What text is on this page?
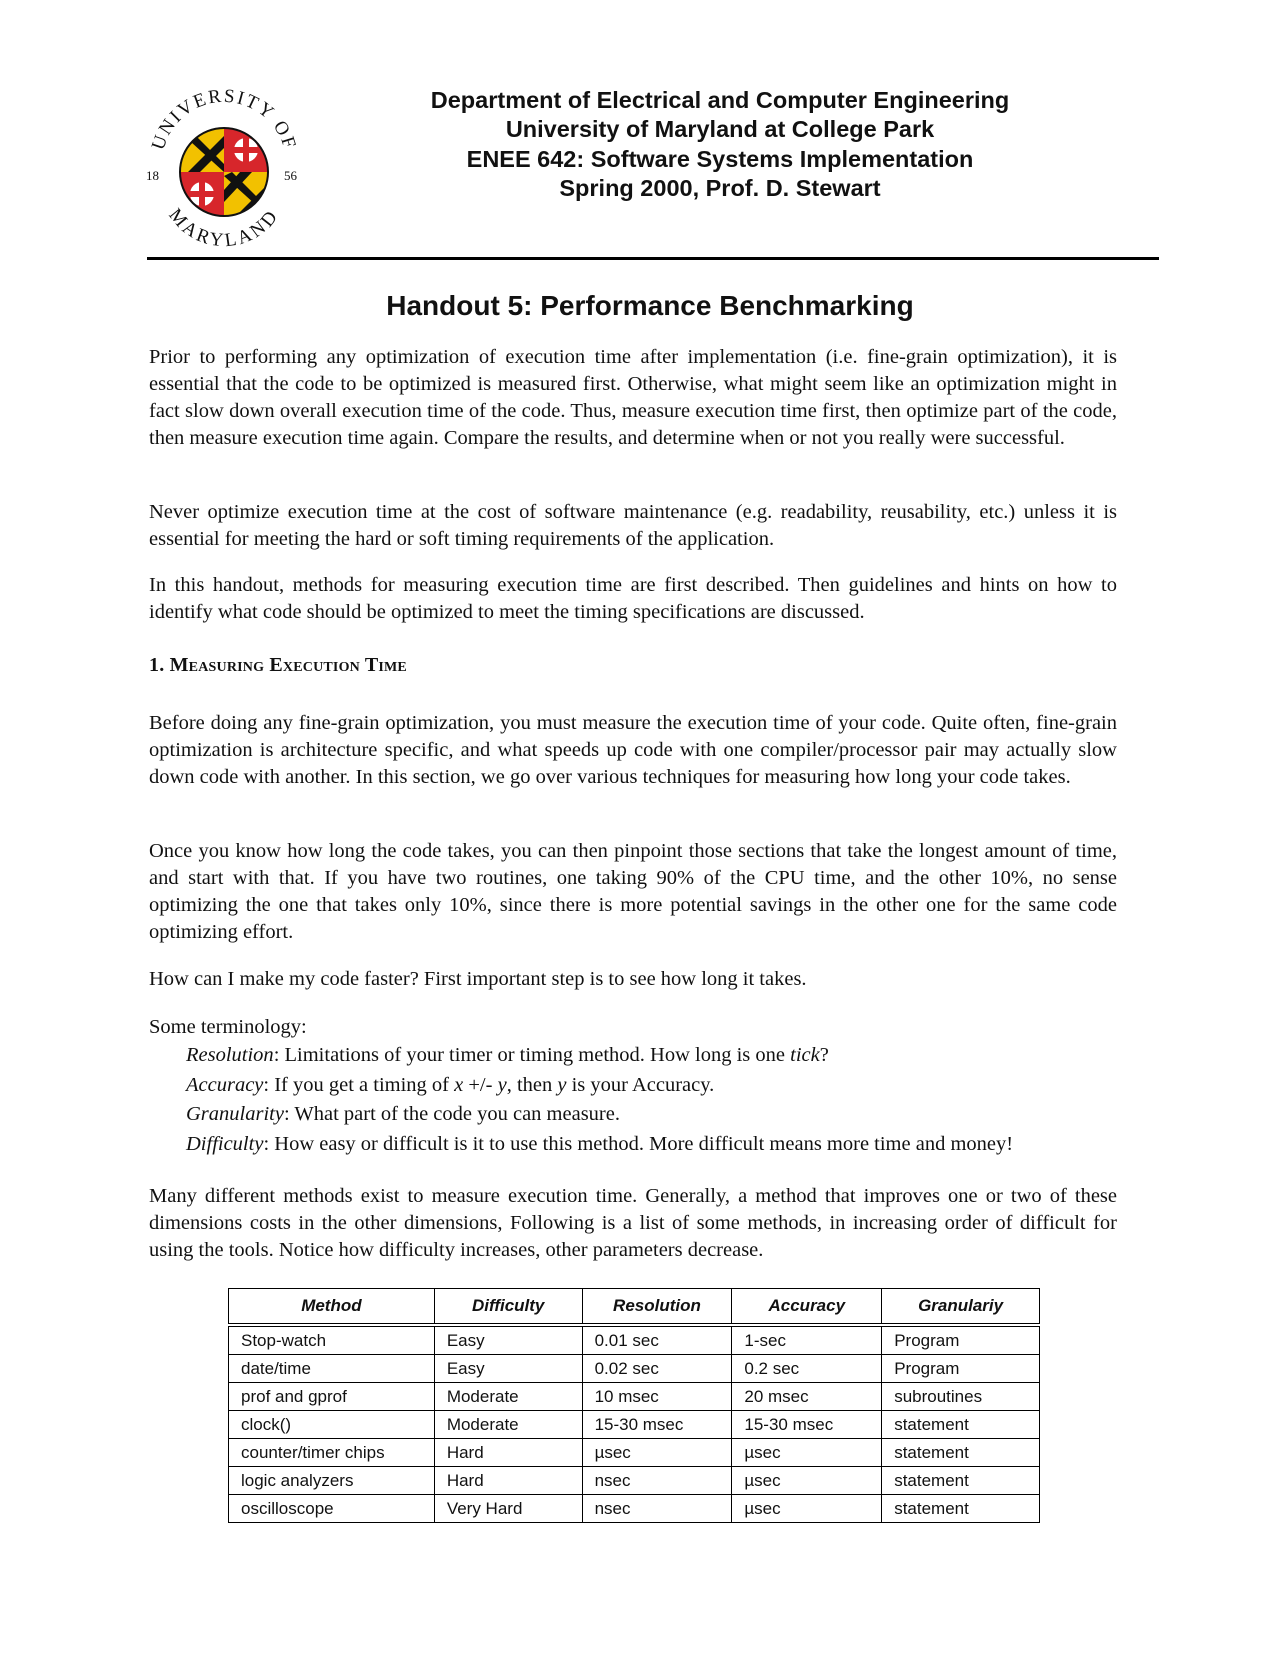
UNIVERSITY OF
MARYLAND
18	56
Department of Electrical and Computer Engineering
University of Maryland at College Park
ENEE 642: Software Systems Implementation
Spring 2000, Prof. D. Stewart
Handout 5: Performance Benchmarking

Prior to performing any optimization of execution time after implementation (i.e. fine-grain optimization), it is essential that the code to be optimized is measured first. Otherwise, what might seem like an optimization might in fact slow down overall execution time of the code. Thus, measure execution time first, then optimize part of the code, then measure execution time again. Compare the results, and determine when or not you really were successful.

Never optimize execution time at the cost of software maintenance (e.g. readability, reusability, etc.) unless it is essential for meeting the hard or soft timing requirements of the application.

In this handout, methods for measuring execution time are first described. Then guidelines and hints on how to identify what code should be optimized to meet the timing specifications are discussed.

1. Measuring Execution Time

Before doing any fine-grain optimization, you must measure the execution time of your code. Quite often, fine-grain optimization is architecture specific, and what speeds up code with one compiler/processor pair may actually slow down code with another. In this section, we go over various techniques for measuring how long your code takes.

Once you know how long the code takes, you can then pinpoint those sections that take the longest amount of time, and start with that. If you have two routines, one taking 90% of the CPU time, and the other 10%, no sense optimizing the one that takes only 10%, since there is more potential savings in the other one for the same code optimizing effort.

How can I make my code faster? First important step is to see how long it takes.

Some terminology:

Resolution: Limitations of your timer or timing method. How long is one tick?
Accuracy: If you get a timing of x +/- y, then y is your Accuracy.
Granularity: What part of the code you can measure.
Difficulty: How easy or difficult is it to use this method. More difficult means more time and money!

Many different methods exist to measure execution time. Generally, a method that improves one or two of these dimensions costs in the other dimensions, Following is a list of some methods, in increasing order of difficult for using the tools. Notice how difficulty increases, other parameters decrease.

Method	Difficulty	Resolution	Accuracy	Granulariy
Stop-watch	Easy	0.01 sec	1-sec	Program
date/time	Easy	0.02 sec	0.2 sec	Program
prof and gprof	Moderate	10 msec	20 msec	subroutines
clock()	Moderate	15-30 msec	15-30 msec	statement
counter/timer chips	Hard	µsec	µsec	statement
logic analyzers	Hard	nsec	µsec	statement
oscilloscope	Very Hard	nsec	µsec	statement
